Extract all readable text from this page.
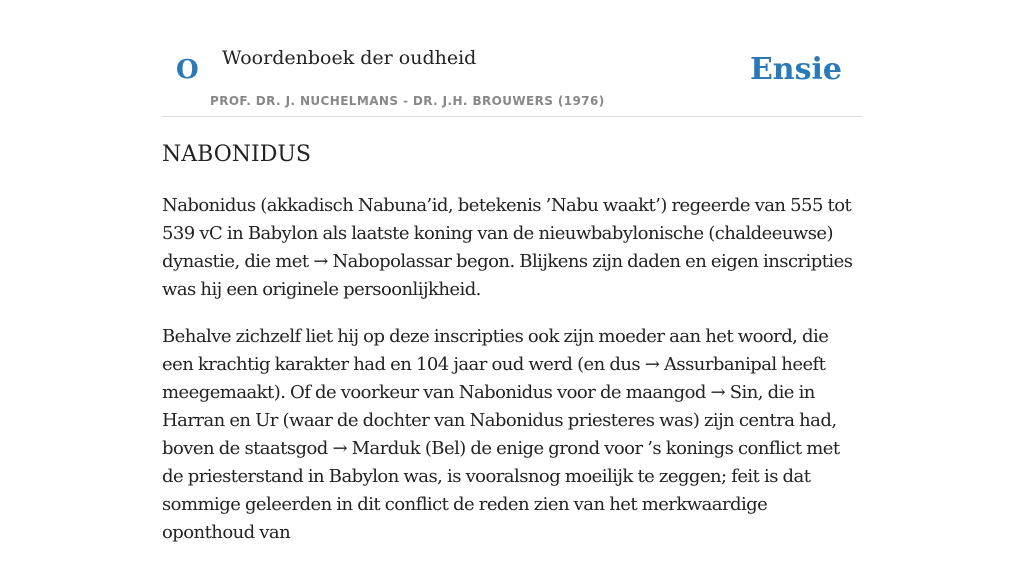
O Woordenboek der oudheid
PROF. DR. J. NUCHELMANS - DR. J.H. BROUWERS (1976)
Ensie
NABONIDUS

Nabonidus (akkadisch Nabuna’id, betekenis ’Nabu waakt’) regeerde van 555 tot 539 vC in Babylon als laatste koning van de nieuwbabylonische (chaldeeuwse) dynastie, die met → Nabopolassar begon. Blijkens zijn daden en eigen inscripties was hij een originele persoonlijkheid.

Behalve zichzelf liet hij op deze inscripties ook zijn moeder aan het woord, die een krachtig karakter had en 104 jaar oud werd (en dus → Assurbanipal heeft meegemaakt). Of de voorkeur van Nabonidus voor de maangod → Sin, die in Harran en Ur (waar de dochter van Nabonidus priesteres was) zijn centra had, boven de staatsgod → Marduk (Bel) de enige grond voor ’s konings conflict met de priesterstand in Babylon was, is vooralsnog moeilijk te zeggen; feit is dat sommige geleerden in dit conflict de reden zien van het merkwaardige oponthoud van
